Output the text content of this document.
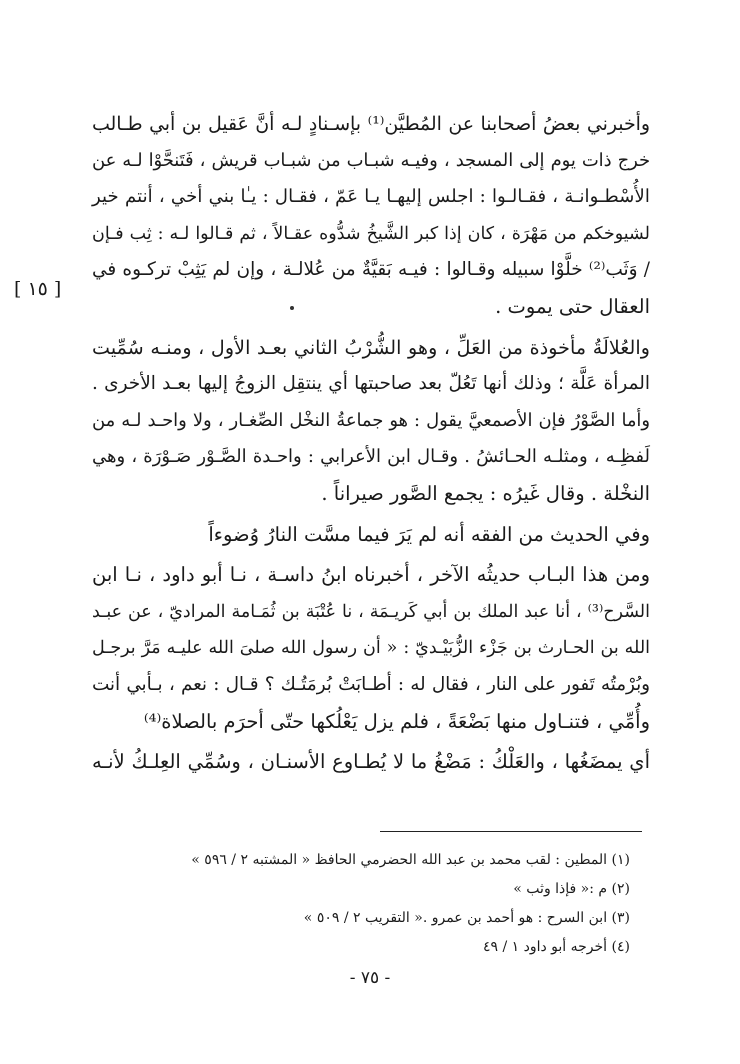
[ ١٥ ]

وأخبرني بعضُ أصحابنا عن المُطيَّن⁽¹⁾ بإسـنادٍ لـه أنَّ عَقيل بن أبي طـالب
خرج ذات يوم إلى المسجد ، وفيـه شبـاب من شبـاب قريش ، فَتَنحَّوْا لـه عن
الأُسْطـوانـة ، فقـالـوا : اجلس إليهـا يـا عَمّ ، فقـال : يـٰا بني أخي ، أنتم خير
لشيوخكم من مَهْرَة ، كان إذا كبر الشَّيخُ شدُّوه عقـالاً ، ثم قـالوا لـه : ثِب فـإن
/ وَثَب⁽²⁾ خلَّوْا سبيله وقـالوا : فيـه بَقيَّةٌ من عُلالـة ، وإن لم يَثِبْ تركـوه في
العقال حتى يموت .

والعُلالَةُ مأخوذة من العَلِّ ، وهو الشُّرْبُ الثاني بعـد الأول ، ومنـه سُمِّيت
المرأة عَلَّة ؛ وذلك أنها تَعُلّ بعد صاحبتها أي ينتقِل الزوجُ إليها بعـد الأخرى .
وأما الصَّوْرُ فإن الأصمعيَّ يقول : هو جماعةُ النخْل الصِّغـار ، ولا واحـد لـه من
لَفظِـه ، ومثلـه الحـائشُ . وقـال ابن الأعرابي : واحـدة الصَّـوْر صَـوْرَة ، وهي
النخْلة . وقال غَيرُه : يجمع الصَّور صيراناً .

وفي الحديث من الفقه أنه لم يَرَ فيما مسَّت النارُ وُضوءاً

ومن هذا البـاب حديثُه الآخر ، أخبرناه ابنُ داسـة ، نـا أبو داود ، نـا ابن
السَّرح⁽³⁾ ، أنا عبد الملك بن أبي كَريـمَة ، نا عُتْبَة بن ثُمَـامة المراديّ ، عن عبـد
الله بن الحـارث بن جَزْء الزُّبَيْـديّ : « أن رسول الله صلىَ الله عليـه مَرَّ برجـل
وبُرْمتُه تَفور على النار ، فقال له : أطـابَتْ بُرمَتُـك ؟ قـال : نعم ، بـأبي أنت
وأُمِّي ، فتنـاول منها بَضْعَةً ، فلم يزل يَعْلُكها حتّى أحرَم بالصلاة⁽⁴⁾

أي يمضَغُها ، والعَلْكُ : مَضْغُ ما لا يُطـاوع الأسنـان ، وسُمِّي العِلـكُ لأنـه

(١) المطين : لقب محمد بن عبد الله الحضرمي الحافظ « المشتبه ٢ / ٥٩٦ »

(٢) م :« فإذا وثب »

(٣) ابن السرح : هو أحمد بن عمرو .« التقريب ٢ / ٥٠٩ »

(٤) أخرجه أبو داود ١ / ٤٩

- ٧٥ -
